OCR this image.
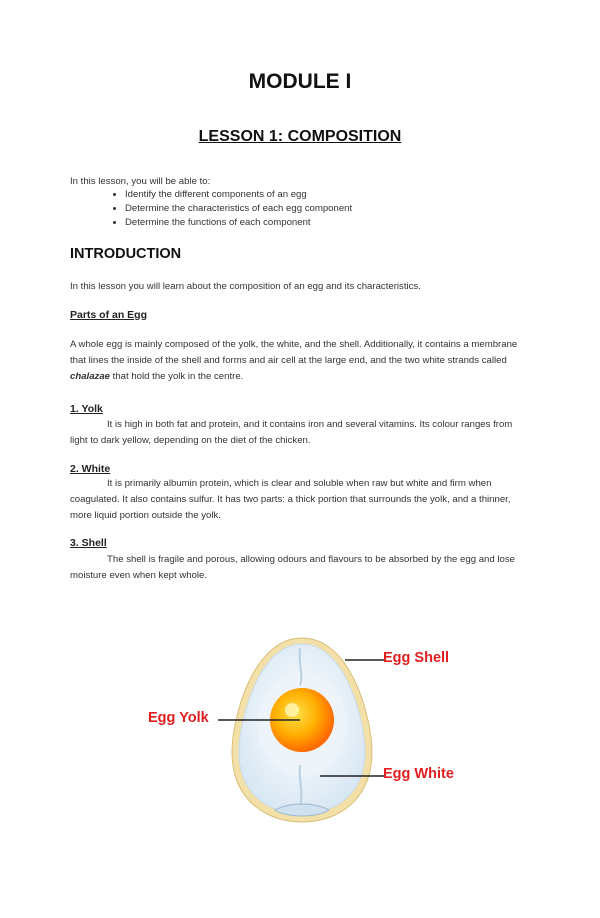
MODULE I
LESSON 1: COMPOSITION
In this lesson, you will be able to:
• Identify the different components of an egg
• Determine the characteristics of each egg component
• Determine the functions of each component
INTRODUCTION
In this lesson you will learn about the composition of an egg and its characteristics.
Parts of an Egg
A whole egg is mainly composed of the yolk, the white, and the shell. Additionally, it contains a membrane that lines the inside of the shell and forms and air cell at the large end, and the two white strands called chalazae that hold the yolk in the centre.
1. Yolk
It is high in both fat and protein, and it contains iron and several vitamins. Its colour ranges from light to dark yellow, depending on the diet of the chicken.
2. White
It is primarily albumin protein, which is clear and soluble when raw but white and firm when coagulated. It also contains sulfur. It has two parts: a thick portion that surrounds the yolk, and a thinner, more liquid portion outside the yolk.
3. Shell
The shell is fragile and porous, allowing odours and flavours to be absorbed by the egg and lose moisture even when kept whole.
Egg Shell
Egg Yolk
Egg White
